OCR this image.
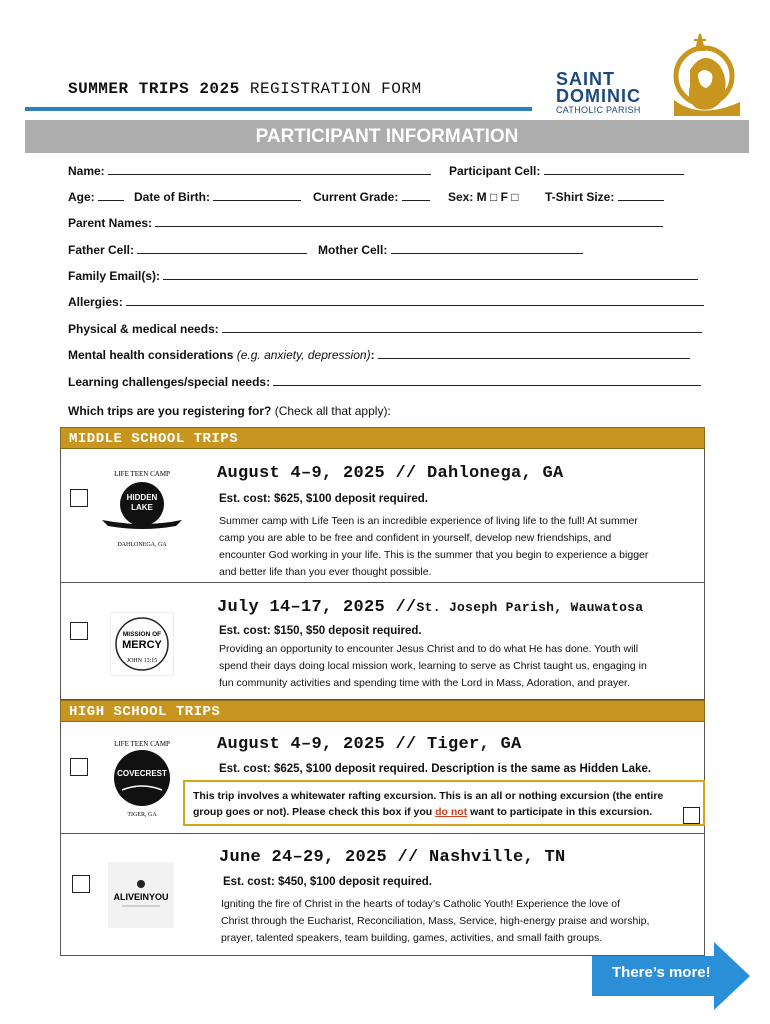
SUMMER TRIPS 2025 REGISTRATION FORM	SAINT
DOMINIC
CATHOLIC PARISH
PARTICIPANT INFORMATION
Name:	Participant Cell:
Age:	Date of Birth:	Current Grade:	Sex: M □ F □ T-Shirt Size:
Parent Names:
Father Cell:	Mother Cell:
Family Email(s):
Allergies:
Physical & medical needs:
Mental health considerations (e.g. anxiety, depression):
Learning challenges/special needs:
Which trips are you registering for? (Check all that apply):
MIDDLE SCHOOL TRIPS
LIFE TEEN CAMP
HIDDEN
LAKE
DAHLONEGA, GA
August 4–9, 2025 // Dahlonega, GA
Est. cost: $625, $100 deposit required.
Summer camp with Life Teen is an incredible experience of living life to the full! At summer
camp you are able to be free and confident in yourself, develop new friendships, and
encounter God working in your life. This is the summer that you begin to experience a bigger
and better life than you ever thought possible.
MISSION OF
MERCY
JOHN 13:15
July 14–17, 2025 //St. Joseph Parish, Wauwatosa
Est. cost: $150, $50 deposit required.
Providing an opportunity to encounter Jesus Christ and to do what He has done. Youth will
spend their days doing local mission work, learning to serve as Christ taught us, engaging in
fun community activities and spending time with the Lord in Mass, Adoration, and prayer.
HIGH SCHOOL TRIPS
LIFE TEEN CAMP
COVECREST
TIGER, GA
August 4–9, 2025 // Tiger, GA
Est. cost: $625, $100 deposit required. Description is the same as Hidden Lake.
This trip involves a whitewater rafting excursion. This is an all or nothing excursion (the entire
group goes or not). Please check this box if you do not want to participate in this excursion.
ALIVEINYOU
June 24–29, 2025 // Nashville, TN
Est. cost: $450, $100 deposit required.
Igniting the fire of Christ in the hearts of today’s Catholic Youth! Experience the love of
Christ through the Eucharist, Reconciliation, Mass, Service, high-energy praise and worship,
prayer, talented speakers, team building, games, activities, and small faith groups.
There’s more!
